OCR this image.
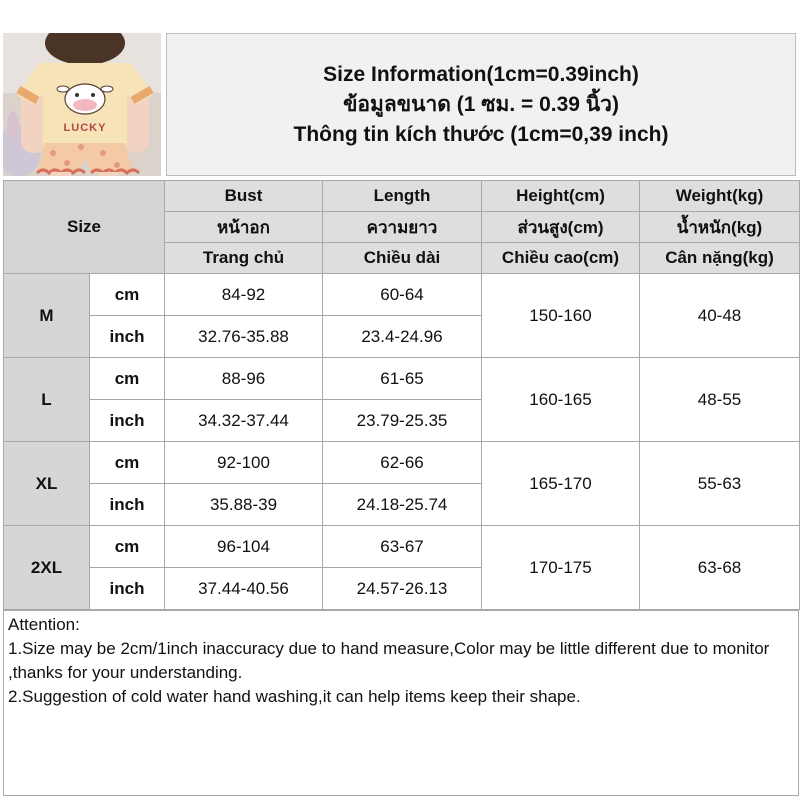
LUCKY
Size Information(1cm=0.39inch)
ข้อมูลขนาด (1 ซม. = 0.39 นิ้ว)
Thông tin kích thước (1cm=0,39 inch)
Size		Bust	Length	Height(cm)	Weight(kg)
		หน้าอก	ความยาว	ส่วนสูง(cm)	น้ำหนัก(kg)
		Trang chủ	Chiều dài	Chiều cao(cm)	Cân nặng(kg)
M	cm	84-92	60-64	150-160	40-48
	inch	32.76-35.88	23.4-24.96		
L	cm	88-96	61-65	160-165	48-55
	inch	34.32-37.44	23.79-25.35		
XL	cm	92-100	62-66	165-170	55-63
	inch	35.88-39	24.18-25.74		
2XL	cm	96-104	63-67	170-175	63-68
	inch	37.44-40.56	24.57-26.13		

Attention:

1.Size may be 2cm/1inch inaccuracy due to hand measure,Color may be little different due to monitor ,thanks for your understanding.

2.Suggestion of cold water hand washing,it can help items keep their shape.
